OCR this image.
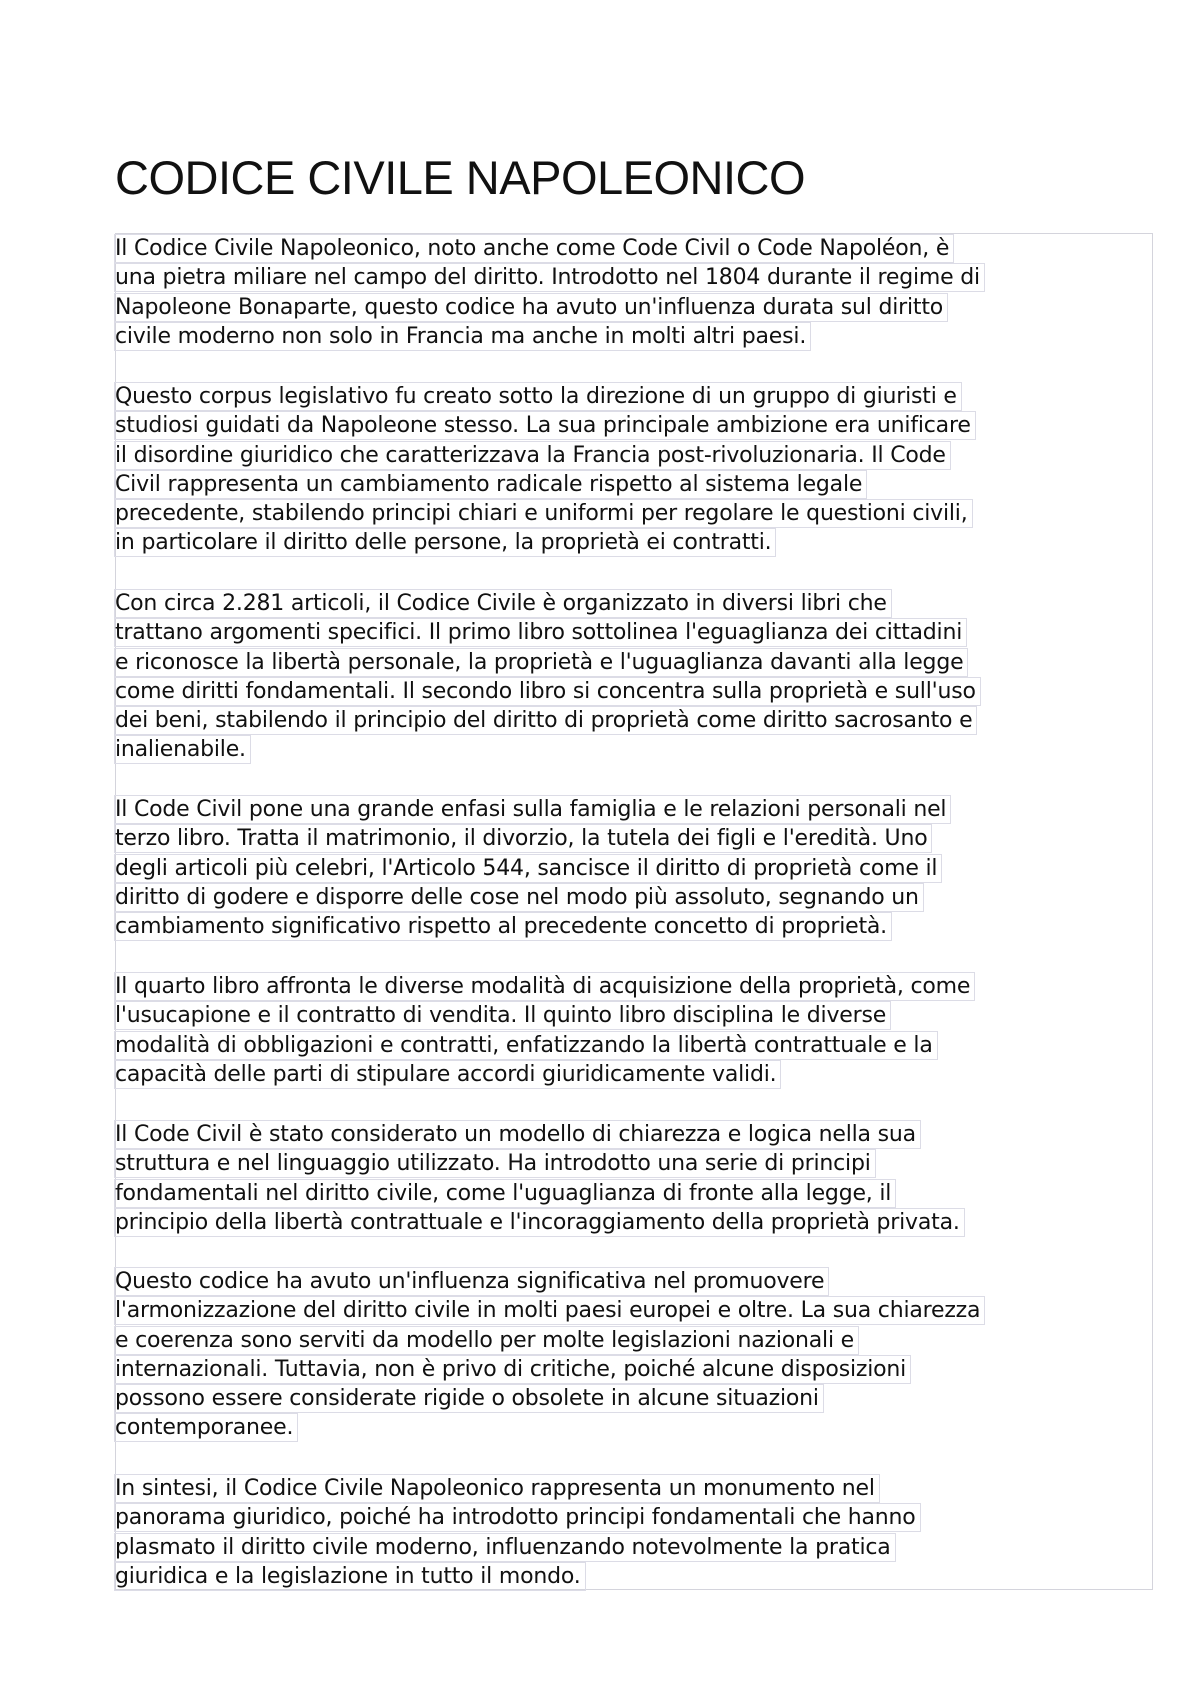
CODICE CIVILE NAPOLEONICO
Il Codice Civile Napoleonico, noto anche come Code Civil o Code Napoléon, è
una pietra miliare nel campo del diritto. Introdotto nel 1804 durante il regime di
Napoleone Bonaparte, questo codice ha avuto un'influenza durata sul diritto
civile moderno non solo in Francia ma anche in molti altri paesi.
Questo corpus legislativo fu creato sotto la direzione di un gruppo di giuristi e
studiosi guidati da Napoleone stesso. La sua principale ambizione era unificare
il disordine giuridico che caratterizzava la Francia post-rivoluzionaria. Il Code
Civil rappresenta un cambiamento radicale rispetto al sistema legale
precedente, stabilendo principi chiari e uniformi per regolare le questioni civili,
in particolare il diritto delle persone, la proprietà ei contratti.
Con circa 2.281 articoli, il Codice Civile è organizzato in diversi libri che
trattano argomenti specifici. Il primo libro sottolinea l'eguaglianza dei cittadini
e riconosce la libertà personale, la proprietà e l'uguaglianza davanti alla legge
come diritti fondamentali. Il secondo libro si concentra sulla proprietà e sull'uso
dei beni, stabilendo il principio del diritto di proprietà come diritto sacrosanto e
inalienabile.
Il Code Civil pone una grande enfasi sulla famiglia e le relazioni personali nel
terzo libro. Tratta il matrimonio, il divorzio, la tutela dei figli e l'eredità. Uno
degli articoli più celebri, l'Articolo 544, sancisce il diritto di proprietà come il
diritto di godere e disporre delle cose nel modo più assoluto, segnando un
cambiamento significativo rispetto al precedente concetto di proprietà.
Il quarto libro affronta le diverse modalità di acquisizione della proprietà, come
l'usucapione e il contratto di vendita. Il quinto libro disciplina le diverse
modalità di obbligazioni e contratti, enfatizzando la libertà contrattuale e la
capacità delle parti di stipulare accordi giuridicamente validi.
Il Code Civil è stato considerato un modello di chiarezza e logica nella sua
struttura e nel linguaggio utilizzato. Ha introdotto una serie di principi
fondamentali nel diritto civile, come l'uguaglianza di fronte alla legge, il
principio della libertà contrattuale e l'incoraggiamento della proprietà privata.
Questo codice ha avuto un'influenza significativa nel promuovere
l'armonizzazione del diritto civile in molti paesi europei e oltre. La sua chiarezza
e coerenza sono serviti da modello per molte legislazioni nazionali e
internazionali. Tuttavia, non è privo di critiche, poiché alcune disposizioni
possono essere considerate rigide o obsolete in alcune situazioni
contemporanee.
In sintesi, il Codice Civile Napoleonico rappresenta un monumento nel
panorama giuridico, poiché ha introdotto principi fondamentali che hanno
plasmato il diritto civile moderno, influenzando notevolmente la pratica
giuridica e la legislazione in tutto il mondo.
